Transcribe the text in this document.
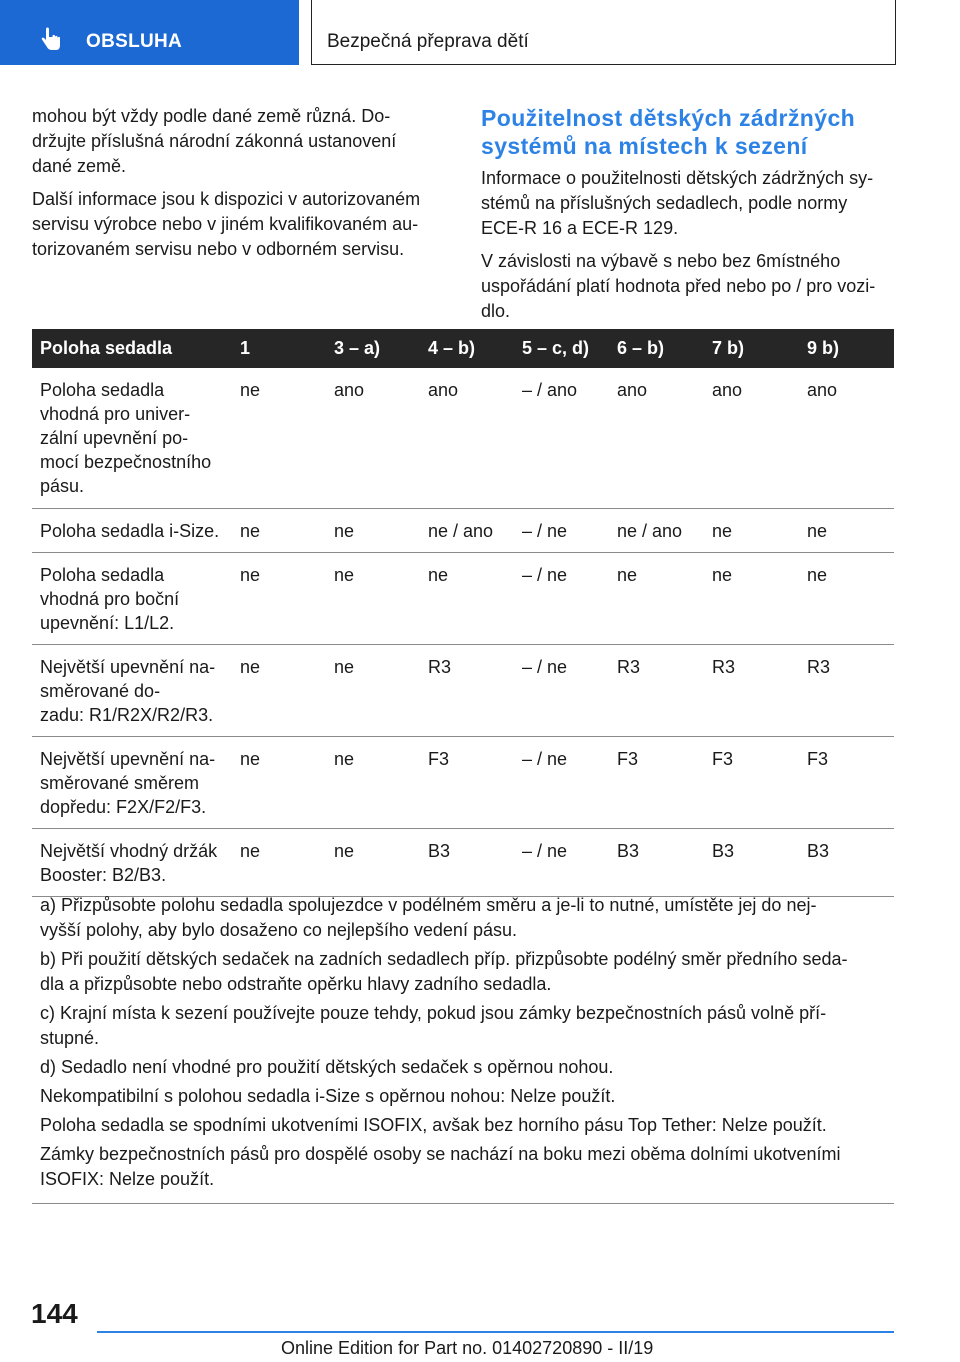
OBSLUHA	Bezpečná přeprava dětí

mohou být vždy podle dané země různá. Do-
držujte příslušná národní zákonná ustanovení
dané země.

Další informace jsou k dispozici v autorizovaném
servisu výrobce nebo v jiném kvalifikovaném au-
torizovaném servisu nebo v odborném servisu.

Použitelnost dětských zádržných
systémů na místech k sezení

Informace o použitelnosti dětských zádržných sy-
stémů na příslušných sedadlech, podle normy
ECE-R 16 a ECE-R 129.

V závislosti na výbavě s nebo bez 6místného
uspořádání platí hodnota před nebo po / pro vozi-
dlo.

Poloha sedadla	1	3 – a)	4 – b)	5 – c, d)	6 – b)	7 b)	9 b)
Poloha sedadla
vhodná pro univer-
zální upevnění po-
mocí bezpečnostního
pásu.	ne	ano	ano	– / ano	ano	ano	ano
Poloha sedadla i-Size.	ne	ne	ne / ano	– / ne	ne / ano	ne	ne
Poloha sedadla
vhodná pro boční
upevnění: L1/L2.	ne	ne	ne	– / ne	ne	ne	ne
Největší upevnění na-
směrované do-
zadu: R1/R2X/R2/R3.	ne	ne	R3	– / ne	R3	R3	R3
Největší upevnění na-
směrované směrem
dopředu: F2X/F2/F3.	ne	ne	F3	– / ne	F3	F3	F3
Největší vhodný držák
Booster: B2/B3.	ne	ne	B3	– / ne	B3	B3	B3

a) Přizpůsobte polohu sedadla spolujezdce v podélném směru a je-li to nutné, umístěte jej do nej-
vyšší polohy, aby bylo dosaženo co nejlepšího vedení pásu.

b) Při použití dětských sedaček na zadních sedadlech příp. přizpůsobte podélný směr předního seda-
dla a přizpůsobte nebo odstraňte opěrku hlavy zadního sedadla.

c) Krajní místa k sezení používejte pouze tehdy, pokud jsou zámky bezpečnostních pásů volně pří-
stupné.

d) Sedadlo není vhodné pro použití dětských sedaček s opěrnou nohou.

Nekompatibilní s polohou sedadla i-Size s opěrnou nohou: Nelze použít.

Poloha sedadla se spodními ukotveními ISOFIX, avšak bez horního pásu Top Tether: Nelze použít.

Zámky bezpečnostních pásů pro dospělé osoby se nachází na boku mezi oběma dolními ukotveními
ISOFIX: Nelze použít.

144
Online Edition for Part no. 01402720890 - II/19
